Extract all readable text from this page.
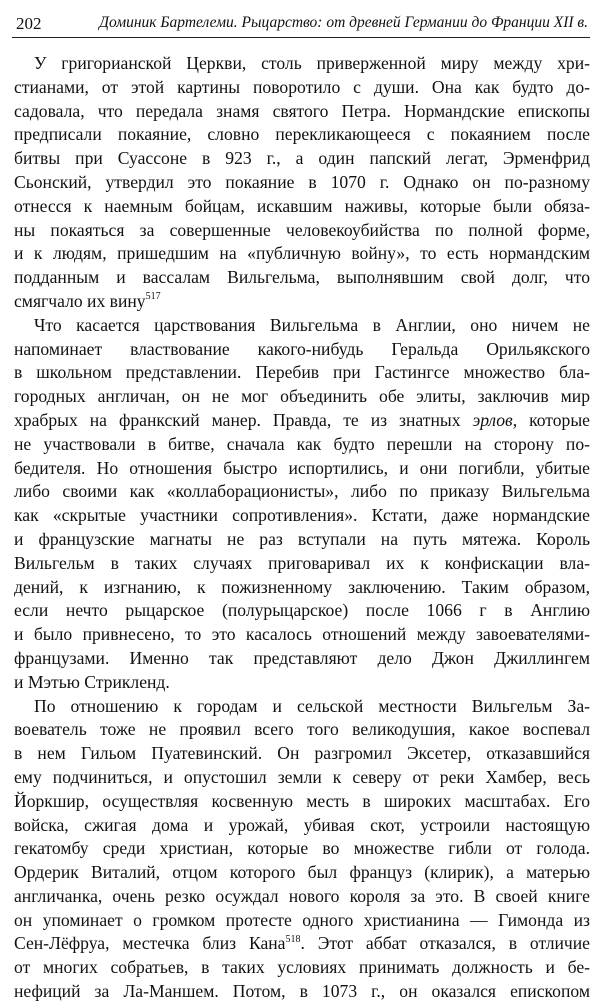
202	Доминик Бартелеми. Рыцарство: от древней Германии до Франции XII в.
У григорианской Церкви, столь приверженной миру между хри-
стианами, от этой картины поворотило с души. Она как будто до-
садовала, что передала знамя святого Петра. Нормандские епископы
предписали покаяние, словно перекликающееся с покаянием после
битвы при Суассоне в 923 г., а один папский легат, Эрменфрид
Сьонский, утвердил это покаяние в 1070 г. Однако он по-разному
отнесся к наемным бойцам, искавшим наживы, которые были обяза-
ны покаяться за совершенные человекоубийства по полной форме,
и к людям, пришедшим на «публичную войну», то есть нормандским
подданным и вассалам Вильгельма, выполнявшим свой долг, что
смягчало их вину$^{517}$
Что касается царствования Вильгельма в Англии, оно ничем не
напоминает властвование какого-нибудь Геральда Орильякского
в школьном представлении. Перебив при Гастингсе множество бла-
городных англичан, он не мог объединить обе элиты, заключив мир
храбрых на франкский манер. Правда, те из знатных эрлов, которые
не участвовали в битве, сначала как будто перешли на сторону по-
бедителя. Но отношения быстро испортились, и они погибли, убитые
либо своими как «коллаборационисты», либо по приказу Вильгельма
как «скрытые участники сопротивления». Кстати, даже нормандские
и французские магнаты не раз вступали на путь мятежа. Король
Вильгельм в таких случаях приговаривал их к конфискации вла-
дений, к изгнанию, к пожизненному заключению. Таким образом,
если нечто рыцарское (полурыцарское) после 1066 г в Англию
и было привнесено, то это касалось отношений между завоевателями-
французами. Именно так представляют дело Джон Джиллингем
и Мэтью Стрикленд.
По отношению к городам и сельской местности Вильгельм За-
воеватель тоже не проявил всего того великодушия, какое воспевал
в нем Гильом Пуатевинский. Он разгромил Эксетер, отказавшийся
ему подчиниться, и опустошил земли к северу от реки Хамбер, весь
Йоркшир, осуществляя косвенную месть в широких масштабах. Его
войска, сжигая дома и урожай, убивая скот, устроили настоящую
гекатомбу среди христиан, которые во множестве гибли от голода.
Ордерик Виталий, отцом которого был француз (клирик), а матерью
англичанка, очень резко осуждал нового короля за это. В своей книге
он упоминает о громком протесте одного христианина — Гимонда из
Сен-Лёфруа, местечка близ Кана$^{518}$. Этот аббат отказался, в отличие
от многих собратьев, в таких условиях принимать должность и бе-
нефиций за Ла-Маншем. Потом, в 1073 г., он оказался епископом
